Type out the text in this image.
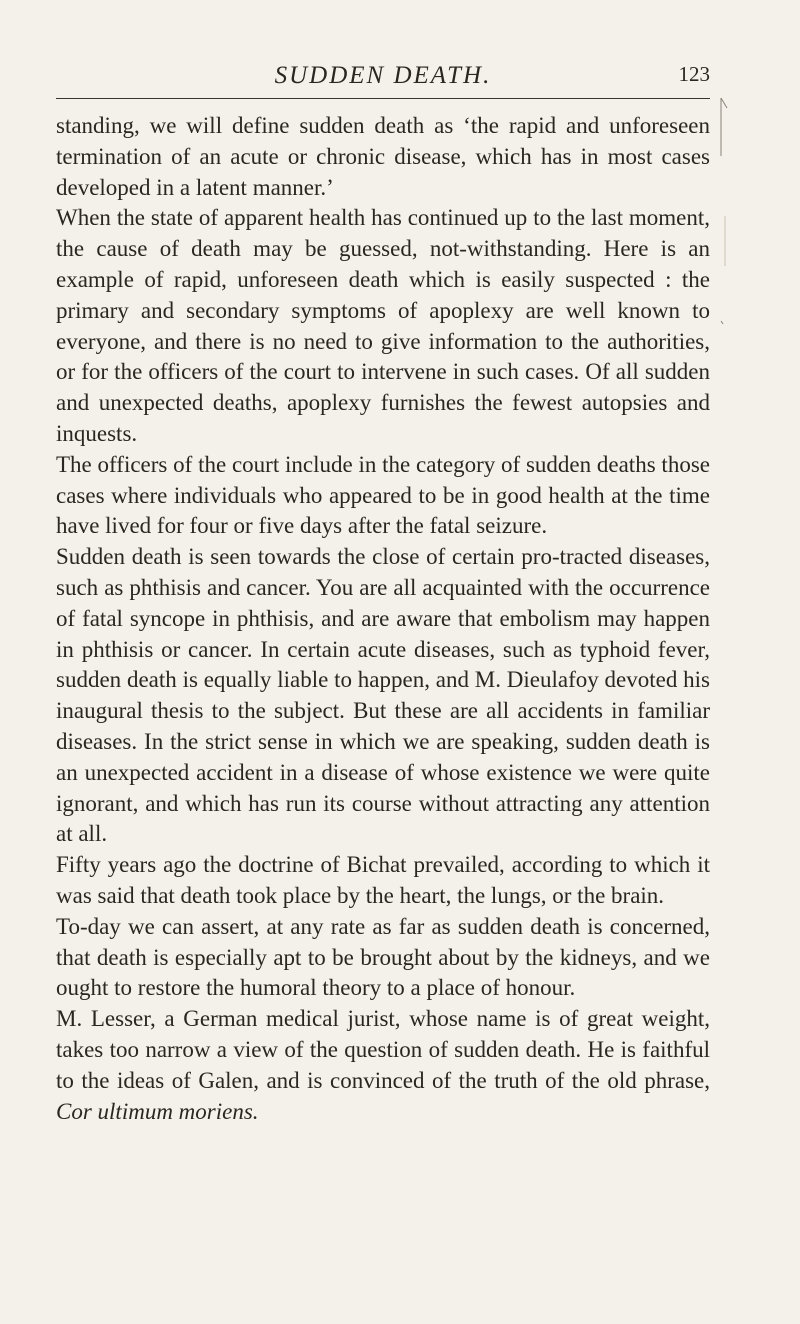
SUDDEN DEATH.	123

standing, we will define sudden death as ‘the rapid and unforeseen termination of an acute or chronic disease, which has in most cases developed in a latent manner.’

When the state of apparent health has continued up to the last moment, the cause of death may be guessed, not-withstanding. Here is an example of rapid, unforeseen death which is easily suspected : the primary and secondary symptoms of apoplexy are well known to everyone, and there is no need to give information to the authorities, or for the officers of the court to intervene in such cases. Of all sudden and unexpected deaths, apoplexy furnishes the fewest autopsies and inquests.

The officers of the court include in the category of sudden deaths those cases where individuals who appeared to be in good health at the time have lived for four or five days after the fatal seizure.

Sudden death is seen towards the close of certain pro-tracted diseases, such as phthisis and cancer. You are all acquainted with the occurrence of fatal syncope in phthisis, and are aware that embolism may happen in phthisis or cancer. In certain acute diseases, such as typhoid fever, sudden death is equally liable to happen, and M. Dieulafoy devoted his inaugural thesis to the subject. But these are all accidents in familiar diseases. In the strict sense in which we are speaking, sudden death is an unexpected accident in a disease of whose existence we were quite ignorant, and which has run its course without attracting any attention at all.

Fifty years ago the doctrine of Bichat prevailed, according to which it was said that death took place by the heart, the lungs, or the brain.

To-day we can assert, at any rate as far as sudden death is concerned, that death is especially apt to be brought about by the kidneys, and we ought to restore the humoral theory to a place of honour.

M. Lesser, a German medical jurist, whose name is of great weight, takes too narrow a view of the question of sudden death. He is faithful to the ideas of Galen, and is convinced of the truth of the old phrase, Cor ultimum moriens.
